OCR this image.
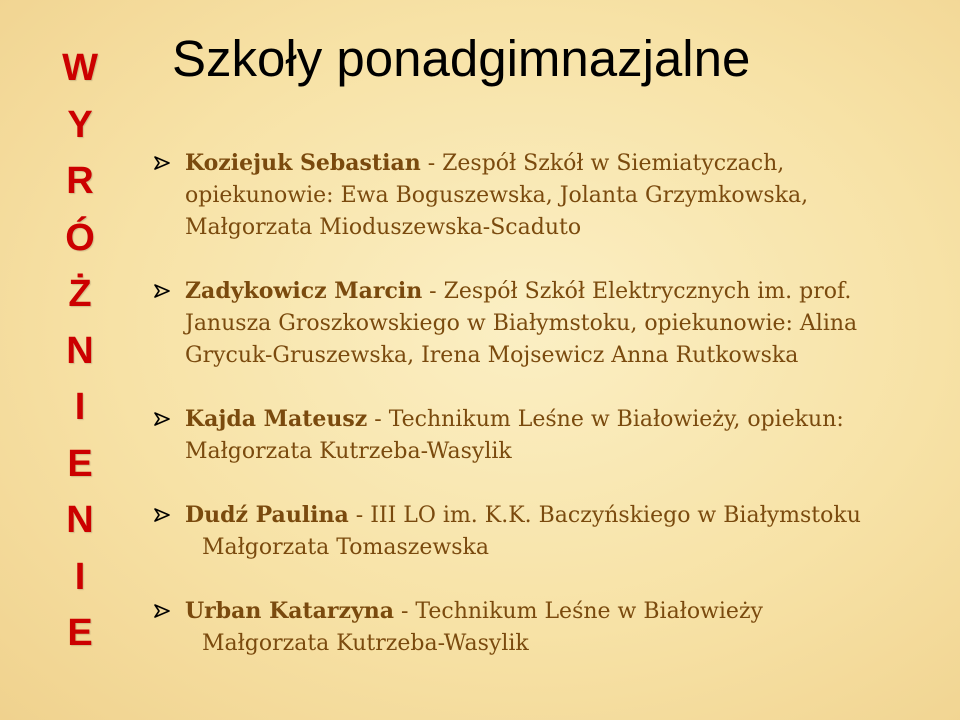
W
Y
R
Ó
Ż
N
I
E
N
I
E
Szkoły ponadgimnazjalne
Koziejuk Sebastian - Zespół Szkół w Siemiatyczach,
opiekunowie: Ewa Boguszewska, Jolanta Grzymkowska,
Małgorzata Mioduszewska-Scaduto
Zadykowicz Marcin - Zespół Szkół Elektrycznych im. prof.
Janusza Groszkowskiego w Białymstoku, opiekunowie: Alina
Grycuk-Gruszewska, Irena Mojsewicz Anna Rutkowska
Kajda Mateusz - Technikum Leśne w Białowieży, opiekun:
Małgorzata Kutrzeba-Wasylik
Dudź Paulina - III LO im. K.K. Baczyńskiego w Białymstoku
Małgorzata Tomaszewska
Urban Katarzyna - Technikum Leśne w Białowieży
Małgorzata Kutrzeba-Wasylik
